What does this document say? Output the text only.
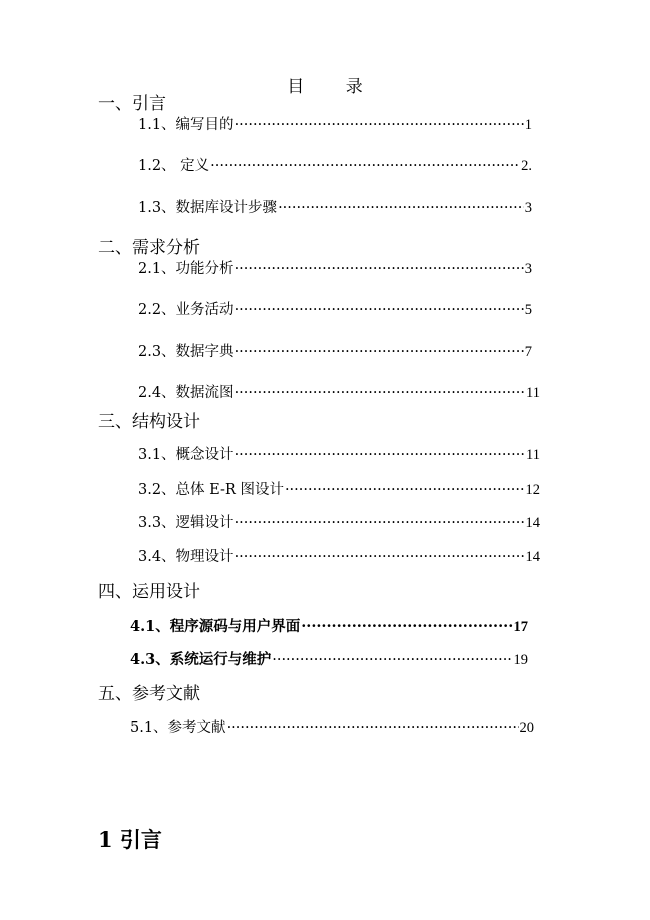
目 录
一、引言
1.1、编写目的 ·····	1
1.2、 定义 ·····	2.
1.3、数据库设计步骤 ·····	3
二、需求分析
2.1、功能分析 ·····	3
2.2、业务活动 ·····	5
2.3、数据字典 ·····	7
2.4、数据流图 ·····	11
三、结构设计
3.1、概念设计 ·····	11
3.2、总体 E-R 图设计 ·····	12
3.3、逻辑设计 ·····	14
3.4、物理设计 ·····	14
四、运用设计
4.1、程序源码与用户界面 ·····	17
4.3、系统运行与维护 ·····	19
五、参考文献
5.1、参考文献 ·····	20
1 引言
